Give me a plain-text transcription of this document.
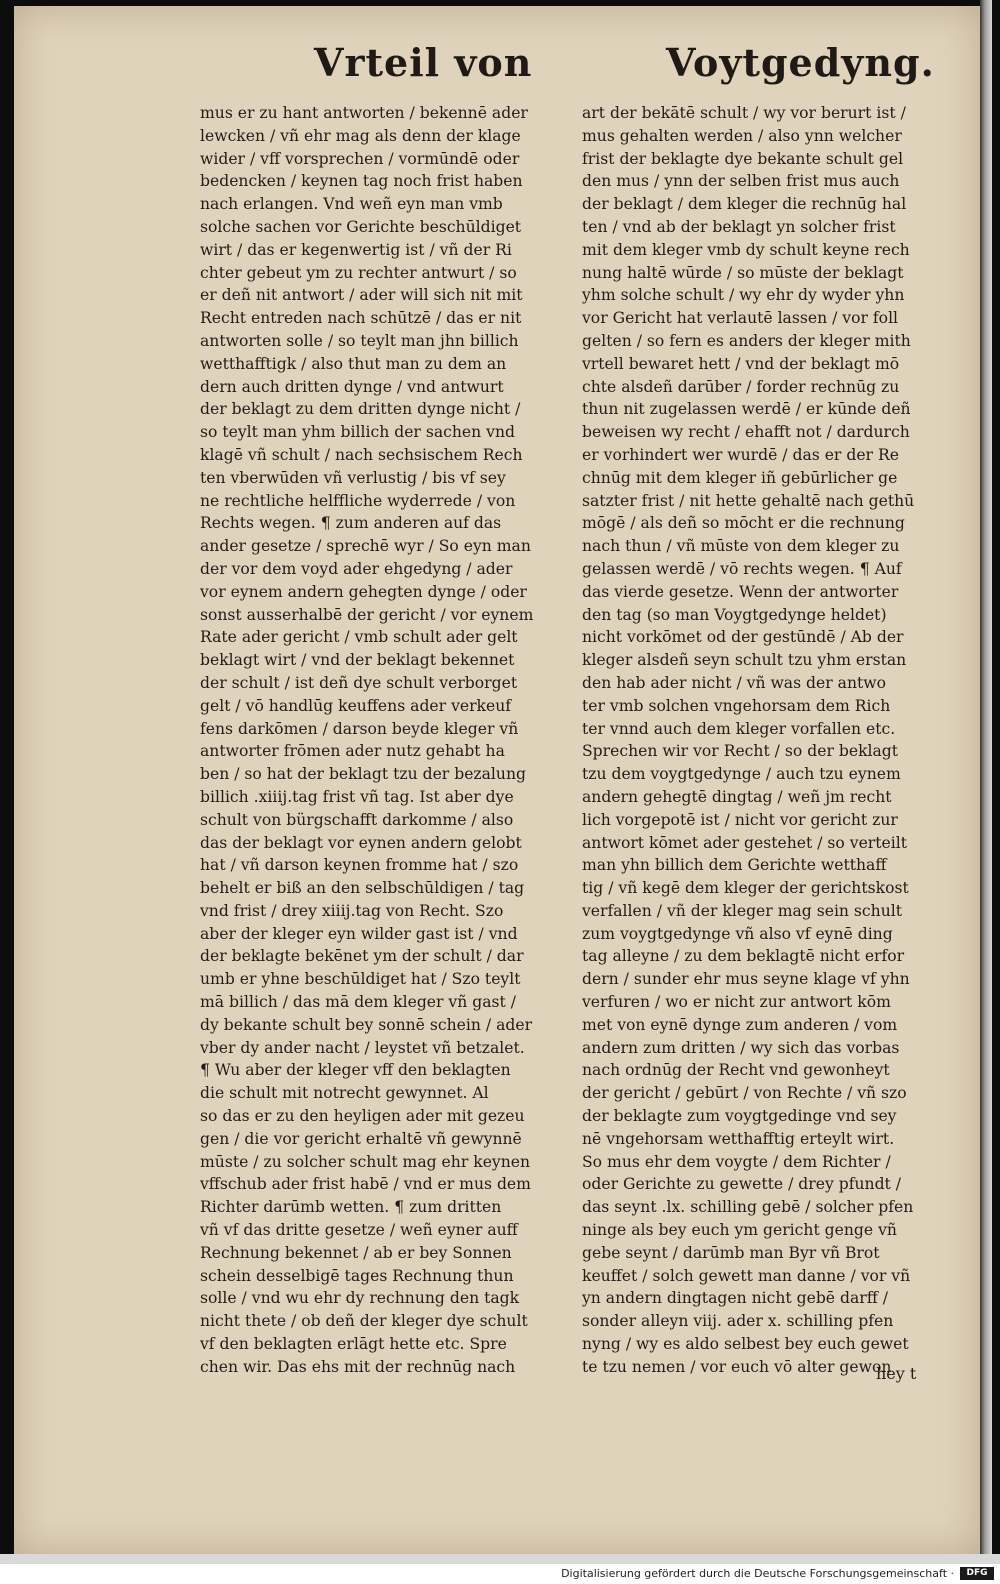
Vrteil von	Voytgedyng.
mus er zu hant antworten / bekennē ader
lewcken / vñ ehr mag als denn der klage
wider / vff vorsprechen / vormūndē oder
bedencken / keynen tag noch frist haben
nach erlangen. Vnd weñ eyn man vmb
solche sachen vor Gerichte beschūldiget
wirt / das er kegenwertig ist / vñ der Ri
chter gebeut ym zu rechter antwurt / so
er deñ nit antwort / ader will sich nit mit
Recht entreden nach schūtzē / das er nit
antworten solle / so teylt man jhn billich
wetthafftigk / also thut man zu dem an
dern auch dritten dynge / vnd antwurt
der beklagt zu dem dritten dynge nicht /
so teylt man yhm billich der sachen vnd
klagē vñ schult / nach sechsischem Rech
ten vberwūden vñ verlustig / bis vf sey
ne rechtliche helffliche wyderrede / von
Rechts wegen. ¶ zum anderen auf das
ander gesetze / sprechē wyr / So eyn man
der vor dem voyd ader ehgedyng / ader
vor eynem andern gehegten dynge / oder
sonst ausserhalbē der gericht / vor eynem
Rate ader gericht / vmb schult ader gelt
beklagt wirt / vnd der beklagt bekennet
der schult / ist deñ dye schult verborget
gelt / vō handlūg keuffens ader verkeuf
fens darkōmen / darson beyde kleger vñ
antworter frōmen ader nutz gehabt ha
ben / so hat der beklagt tzu der bezalung
billich .xiiij.tag frist vñ tag. Ist aber dye
schult von bürgschafft darkomme / also
das der beklagt vor eynen andern gelobt
hat / vñ darson keynen fromme hat / szo
behelt er biß an den selbschūldigen / tag
vnd frist / drey xiiij.tag von Recht. Szo
aber der kleger eyn wilder gast ist / vnd
der beklagte bekēnet ym der schult / dar
umb er yhne beschūldiget hat / Szo teylt
mā billich / das mā dem kleger vñ gast /
dy bekante schult bey sonnē schein / ader
vber dy ander nacht / leystet vñ betzalet.
¶ Wu aber der kleger vff den beklagten
die schult mit notrecht gewynnet. Al
so das er zu den heyligen ader mit gezeu
gen / die vor gericht erhaltē vñ gewynnē
mūste / zu solcher schult mag ehr keynen
vffschub ader frist habē / vnd er mus dem
Richter darūmb wetten. ¶ zum dritten
vñ vf das dritte gesetze / weñ eyner auff
Rechnung bekennet / ab er bey Sonnen
schein desselbigē tages Rechnung thun
solle / vnd wu ehr dy rechnung den tagk
nicht thete / ob deñ der kleger dye schult
vf den beklagten erlāgt hette etc. Spre
chen wir. Das ehs mit der rechnūg nach
art der bekātē schult / wy vor berurt ist /
mus gehalten werden / also ynn welcher
frist der beklagte dye bekante schult gel
den mus / ynn der selben frist mus auch
der beklagt / dem kleger die rechnūg hal
ten / vnd ab der beklagt yn solcher frist
mit dem kleger vmb dy schult keyne rech
nung haltē wūrde / so mūste der beklagt
yhm solche schult / wy ehr dy wyder yhn
vor Gericht hat verlautē lassen / vor foll
gelten / so fern es anders der kleger mith
vrtell bewaret hett / vnd der beklagt mō
chte alsdeñ darūber / forder rechnūg zu
thun nit zugelassen werdē / er kūnde deñ
beweisen wy recht / ehafft not / dardurch
er vorhindert wer wurdē / das er der Re
chnūg mit dem kleger iñ gebūrlicher ge
satzter frist / nit hette gehaltē nach gethū
mōgē / als deñ so mōcht er die rechnung
nach thun / vñ mūste von dem kleger zu
gelassen werdē / vō rechts wegen. ¶ Auf
das vierde gesetze. Wenn der antworter
den tag (so man Voygtgedynge heldet)
nicht vorkōmet od der gestūndē / Ab der
kleger alsdeñ seyn schult tzu yhm erstan
den hab ader nicht / vñ was der antwo
ter vmb solchen vngehorsam dem Rich
ter vnnd auch dem kleger vorfallen etc.
Sprechen wir vor Recht / so der beklagt
tzu dem voygtgedynge / auch tzu eynem
andern gehegtē dingtag / weñ jm recht
lich vorgepotē ist / nicht vor gericht zur
antwort kōmet ader gestehet / so verteilt
man yhn billich dem Gerichte wetthaff
tig / vñ kegē dem kleger der gerichtskost
verfallen / vñ der kleger mag sein schult
zum voygtgedynge vñ also vf eynē ding
tag alleyne / zu dem beklagtē nicht erfor
dern / sunder ehr mus seyne klage vf yhn
verfuren / wo er nicht zur antwort kōm
met von eynē dynge zum anderen / vom
andern zum dritten / wy sich das vorbas
nach ordnūg der Recht vnd gewonheyt
der gericht / gebūrt / von Rechte / vñ szo
der beklagte zum voygtgedinge vnd sey
nē vngehorsam wetthafftig erteylt wirt.
So mus ehr dem voygte / dem Richter /
oder Gerichte zu gewette / drey pfundt /
das seynt .lx. schilling gebē / solcher pfen
ninge als bey euch ym gericht genge vñ
gebe seynt / darūmb man Byr vñ Brot
keuffet / solch gewett man danne / vor vñ
yn andern dingtagen nicht gebē darff /
sonder alleyn viij. ader x. schilling pfen
nyng / wy es aldo selbest bey euch gewet
te tzu nemen / vor euch vō alter gewon
hey t
Digitalisierung gefördert durch die Deutsche Forschungsgemeinschaft ·	DFG
